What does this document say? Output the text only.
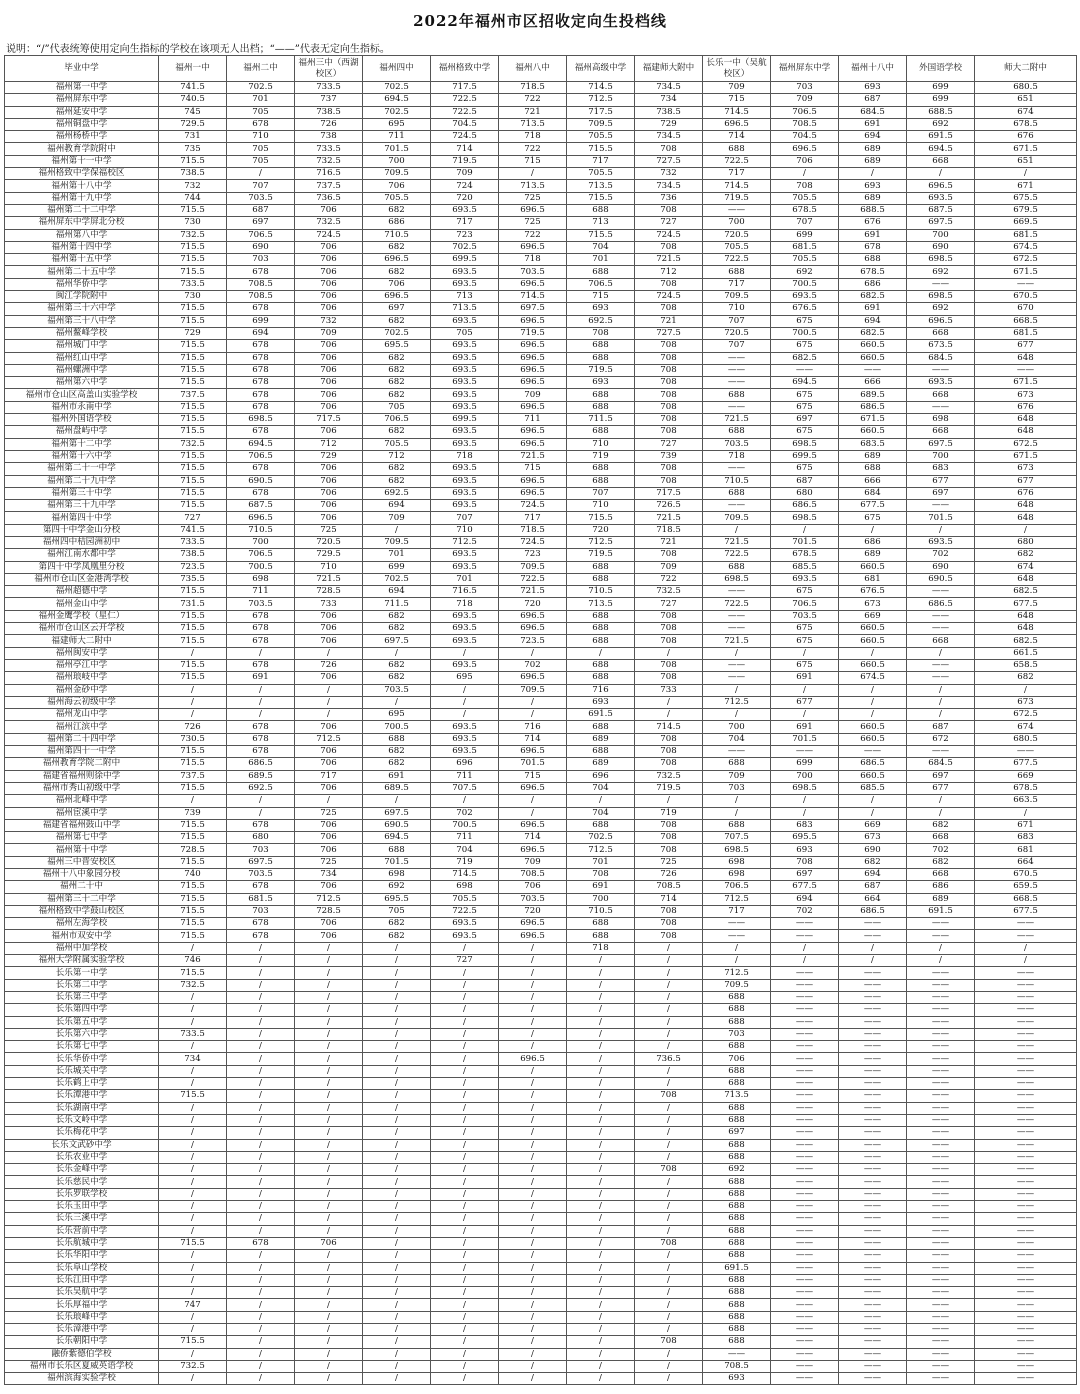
2022年福州市区招收定向生投档线
说明：“/”代表统筹使用定向生指标的学校在该项无人出档；“——”代表无定向生指标。
毕业中学	福州一中	福州二中	福州三中（西湖校区）	福州四中	福州格致中学	福州八中	福州高级中学	福建师大附中	长乐一中（吴航校区）	福州屏东中学	福州十八中	外国语学校	师大二附中
福州第一中学	741.5	702.5	733.5	702.5	717.5	718.5	714.5	734.5	709	703	693	699	680.5
福州屏东中学	740.5	701	737	694.5	722.5	722	712.5	734	715	709	687	699	651
福州延安中学	745	705	738.5	702.5	722.5	721	717.5	738.5	714.5	706.5	684.5	688.5	674
福州铜盘中学	729.5	678	726	695	704.5	713.5	709.5	729	696.5	708.5	691	692	678.5
福州杨桥中学	731	710	738	711	724.5	718	705.5	734.5	714	704.5	694	691.5	676
福州教育学院附中	735	705	733.5	701.5	714	722	715.5	708	688	696.5	689	694.5	671.5
福州第十一中学	715.5	705	732.5	700	719.5	715	717	727.5	722.5	706	689	668	651
福州格致中学保福校区	738.5	/	716.5	709.5	709	/	705.5	732	717	/	/	/	/
福州第十八中学	732	707	737.5	706	724	713.5	713.5	734.5	714.5	708	693	696.5	671
福州第十九中学	744	703.5	736.5	705.5	720	725	715.5	736	719.5	705.5	689	693.5	675.5
福州第二十二中学	715.5	687	706	682	693.5	696.5	688	708	——	678.5	688.5	687.5	679.5
福州屏东中学屏北分校	730	697	732.5	686	717	725	713	727	700	707	676	697.5	669.5
福州第八中学	732.5	706.5	724.5	710.5	723	722	715.5	724.5	720.5	699	691	700	681.5
福州第十四中学	715.5	690	706	682	702.5	696.5	704	708	705.5	681.5	678	690	674.5
福州第十五中学	715.5	703	706	696.5	699.5	718	701	721.5	722.5	705.5	688	698.5	672.5
福州第二十五中学	715.5	678	706	682	693.5	703.5	688	712	688	692	678.5	692	671.5
福州华侨中学	733.5	708.5	706	706	693.5	696.5	706.5	708	717	700.5	686	——	——
闽江学院附中	730	708.5	706	696.5	713	714.5	715	724.5	709.5	693.5	682.5	698.5	670.5
福州第三十六中学	715.5	678	706	697	713.5	697.5	693	708	710	676.5	691	692	670
福州第三十八中学	715.5	699	732	682	693.5	696.5	692.5	721	707	675	694	696.5	668.5
福州鳌峰学校	729	694	709	702.5	705	719.5	708	727.5	720.5	700.5	682.5	668	681.5
福州城门中学	715.5	678	706	695.5	693.5	696.5	688	708	707	675	660.5	673.5	677
福州红山中学	715.5	678	706	682	693.5	696.5	688	708	——	682.5	660.5	684.5	648
福州螺洲中学	715.5	678	706	682	693.5	696.5	719.5	708	——	——	——	——	——
福州第六中学	715.5	678	706	682	693.5	696.5	693	708	——	694.5	666	693.5	671.5
福州市仓山区高盖山实验学校	737.5	678	706	682	693.5	709	688	708	688	675	689.5	668	673
福州市永南中学	715.5	678	706	705	693.5	696.5	688	708	——	675	686.5	——	676
福州外国语学校	715.5	698.5	717.5	706.5	699.5	711	711.5	708	721.5	697	671.5	698	648
福州盘屿中学	715.5	678	706	682	693.5	696.5	688	708	688	675	660.5	668	648
福州第十二中学	732.5	694.5	712	705.5	693.5	696.5	710	727	703.5	698.5	683.5	697.5	672.5
福州第十六中学	715.5	706.5	729	712	718	721.5	719	739	718	699.5	689	700	671.5
福州第二十一中学	715.5	678	706	682	693.5	715	688	708	——	675	688	683	673
福州第二十九中学	715.5	690.5	706	682	693.5	696.5	688	708	710.5	687	666	677	677
福州第三十中学	715.5	678	706	692.5	693.5	696.5	707	717.5	688	680	684	697	676
福州第三十九中学	715.5	687.5	706	694	693.5	724.5	710	726.5	——	686.5	677.5	——	648
福州第四十中学	727	696.5	706	709	707	717	715.5	721.5	709.5	698.5	675	701.5	648
第四十中学金山分校	741.5	710.5	725	/	710	718.5	720	718.5	/	/	/	/	/
福州四中桔园洲初中	733.5	700	720.5	709.5	712.5	724.5	712.5	721	721.5	701.5	686	693.5	680
福州江南水都中学	738.5	706.5	729.5	701	693.5	723	719.5	708	722.5	678.5	689	702	682
第四十中学凤凰里分校	723.5	700.5	710	699	693.5	709.5	688	709	688	685.5	660.5	690	674
福州市仓山区金港湾学校	735.5	698	721.5	702.5	701	722.5	688	722	698.5	693.5	681	690.5	648
福州超德中学	715.5	711	728.5	694	716.5	721.5	710.5	732.5	——	675	676.5	——	682.5
福州金山中学	731.5	703.5	733	711.5	718	720	713.5	727	722.5	706.5	673	686.5	677.5
福州金鹰学校（星仁）	715.5	678	706	682	693.5	696.5	688	708	——	703.5	669	——	648
福州市仓山区云开学校	715.5	678	706	682	693.5	696.5	688	708	——	675	660.5	——	648
福建师大二附中	715.5	678	706	697.5	693.5	723.5	688	708	721.5	675	660.5	668	682.5
福州闽安中学	/	/	/	/	/	/	/	/	/	/	/	/	661.5
福州亭江中学	715.5	678	726	682	693.5	702	688	708	——	675	660.5	——	658.5
福州琅岐中学	715.5	691	706	682	695	696.5	688	708	——	691	674.5	——	682
福州金砂中学	/	/	/	703.5	/	709.5	716	733	/	/	/	/	/
福州海云初级中学	/	/	/	/	/	/	693	/	712.5	677	/	/	673
福州龙山中学	/	/	/	695	/	/	691.5	/	/	/	/	/	672.5
福州江滨中学	726	678	706	700.5	693.5	716	688	714.5	700	691	660.5	687	674
福州第二十四中学	730.5	678	712.5	688	693.5	714	689	708	704	701.5	660.5	672	680.5
福州第四十一中学	715.5	678	706	682	693.5	696.5	688	708	——	——	——	——	——
福州教育学院二附中	715.5	686.5	706	682	696	701.5	689	708	688	699	686.5	684.5	677.5
福建省福州则徐中学	737.5	689.5	717	691	711	715	696	732.5	709	700	660.5	697	669
福州市秀山初级中学	715.5	692.5	706	689.5	707.5	696.5	704	719.5	703	698.5	685.5	677	678.5
福州北峰中学	/	/	/	/	/	/	/	/	/	/	/	/	663.5
福州宦溪中学	739	/	725	697.5	702	/	704	719	/	/	/	/	/
福建省福州鼓山中学	715.5	678	706	690.5	700.5	696.5	688	708	688	683	669	682	671
福州第七中学	715.5	680	706	694.5	711	714	702.5	708	707.5	695.5	673	668	683
福州第十中学	728.5	703	706	688	704	696.5	712.5	708	698.5	693	690	702	681
福州三中晋安校区	715.5	697.5	725	701.5	719	709	701	725	698	708	682	682	664
福州十八中象园分校	740	703.5	734	698	714.5	708.5	708	726	698	697	694	668	670.5
福州二十中	715.5	678	706	692	698	706	691	708.5	706.5	677.5	687	686	659.5
福州第三十二中学	715.5	681.5	712.5	695.5	705.5	703.5	700	714	712.5	694	664	689	668.5
福州格致中学鼓山校区	715.5	703	728.5	705	722.5	720	710.5	708	717	702	686.5	691.5	677.5
福州左海学校	715.5	678	706	682	693.5	696.5	688	708	——	——	——	——	——
福州市双安中学	715.5	678	706	682	693.5	696.5	688	708	——	——	——	——	——
福州中加学校	/	/	/	/	/	/	718	/	/	/	/	/	/
福州大学附属实验学校	746	/	/	/	727	/	/	/	/	/	/	/	/
长乐第一中学	715.5	/	/	/	/	/	/	/	712.5	——	——	——	——
长乐第二中学	732.5	/	/	/	/	/	/	/	709.5	——	——	——	——
长乐第三中学	/	/	/	/	/	/	/	/	688	——	——	——	——
长乐第四中学	/	/	/	/	/	/	/	/	688	——	——	——	——
长乐第五中学	/	/	/	/	/	/	/	/	688	——	——	——	——
长乐第六中学	733.5	/	/	/	/	/	/	/	703	——	——	——	——
长乐第七中学	/	/	/	/	/	/	/	/	688	——	——	——	——
长乐华侨中学	734	/	/	/	/	696.5	/	736.5	706	——	——	——	——
长乐城关中学	/	/	/	/	/	/	/	/	688	——	——	——	——
长乐鹤上中学	/	/	/	/	/	/	/	/	688	——	——	——	——
长乐潭港中学	715.5	/	/	/	/	/	/	708	713.5	——	——	——	——
长乐湖南中学	/	/	/	/	/	/	/	/	688	——	——	——	——
长乐文岭中学	/	/	/	/	/	/	/	/	688	——	——	——	——
长乐梅花中学	/	/	/	/	/	/	/	/	697	——	——	——	——
长乐文武砂中学	/	/	/	/	/	/	/	/	688	——	——	——	——
长乐农业中学	/	/	/	/	/	/	/	/	688	——	——	——	——
长乐金峰中学	/	/	/	/	/	/	/	708	692	——	——	——	——
长乐慈民中学	/	/	/	/	/	/	/	/	688	——	——	——	——
长乐罗联学校	/	/	/	/	/	/	/	/	688	——	——	——	——
长乐玉田中学	/	/	/	/	/	/	/	/	688	——	——	——	——
长乐三溪中学	/	/	/	/	/	/	/	/	688	——	——	——	——
长乐营前中学	/	/	/	/	/	/	/	/	688	——	——	——	——
长乐航城中学	715.5	678	706	/	/	/	/	708	688	——	——	——	——
长乐华阳中学	/	/	/	/	/	/	/	/	688	——	——	——	——
长乐阜山学校	/	/	/	/	/	/	/	/	691.5	——	——	——	——
长乐江田中学	/	/	/	/	/	/	/	/	688	——	——	——	——
长乐吴航中学	/	/	/	/	/	/	/	/	688	——	——	——	——
长乐厚福中学	747	/	/	/	/	/	/	/	688	——	——	——	——
长乐琅峰中学	/	/	/	/	/	/	/	/	688	——	——	——	——
长乐漳港中学	/	/	/	/	/	/	/	/	688	——	——	——	——
长乐朝阳中学	715.5	/	/	/	/	/	/	708	688	——	——	——	——
融侨紫德伯学校	/	/	/	/	/	/	/	/	——	——	——	——	——
福州市长乐区夏威英语学校	732.5	/	/	/	/	/	/	/	708.5	——	——	——	——
福州滨海实验学校	/	/	/	/	/	/	/	/	693	——	——	——	——
